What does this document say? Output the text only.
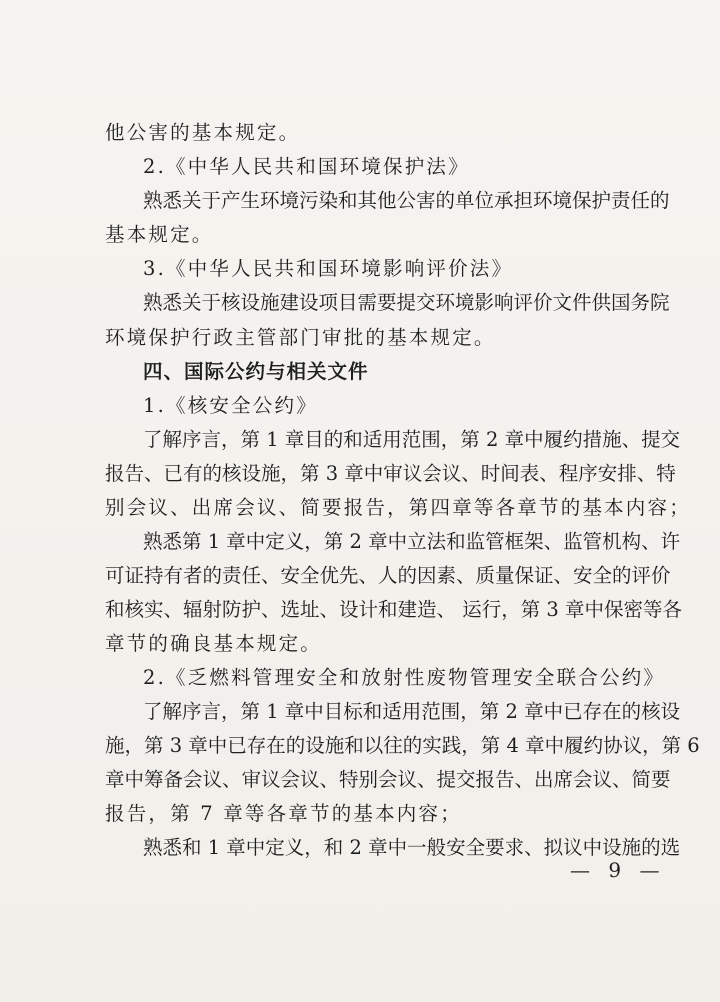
他公害的基本规定。
2.《中华人民共和国环境保护法》
熟悉关于产生环境污染和其他公害的单位承担环境保护责任的
基本规定。
3.《中华人民共和国环境影响评价法》
熟悉关于核设施建设项目需要提交环境影响评价文件供国务院
环境保护行政主管部门审批的基本规定。
四、国际公约与相关文件
1.《核安全公约》
了解序言，第 1 章目的和适用范围，第 2 章中履约措施、提交
报告、已有的核设施，第 3 章中审议会议、时间表、程序安排、特
别会议、出席会议、简要报告，第四章等各章节的基本内容；
熟悉第 1 章中定义，第 2 章中立法和监管框架、监管机构、许
可证持有者的责任、安全优先、人的因素、质量保证、安全的评价
和核实、辐射防护、选址、设计和建造、 运行，第 3 章中保密等各
章节的确良基本规定。
2.《乏燃料管理安全和放射性废物管理安全联合公约》
了解序言，第 1 章中目标和适用范围，第 2 章中已存在的核设
施，第 3 章中已存在的设施和以往的实践，第 4 章中履约协议，第 6
章中筹备会议、审议会议、特别会议、提交报告、出席会议、简要
报告，第 7 章等各章节的基本内容；
熟悉和 1 章中定义，和 2 章中一般安全要求、拟议中设施的选
— 9 —
